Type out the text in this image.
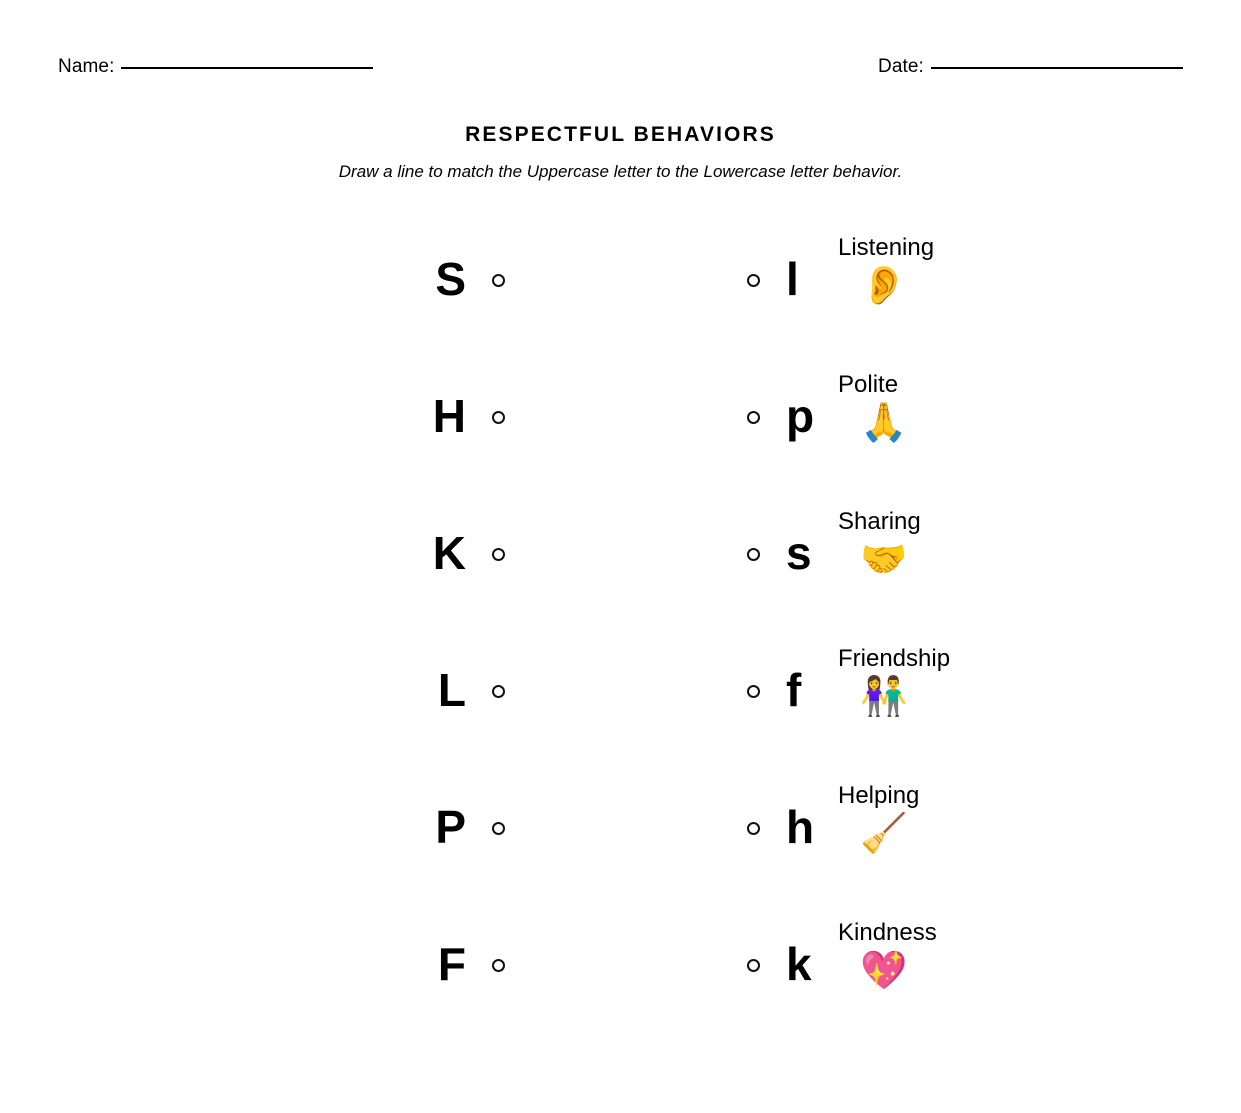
Name:	Date:
RESPECTFUL BEHAVIORS

Draw a line to match the Uppercase letter to the Lowercase letter behavior.

S	l
Listening
👂
H	p
Polite
🙏
K	s
Sharing
🤝
L	f
Friendship
👫
P	h
Helping
🧹
F	k
Kindness
💖
